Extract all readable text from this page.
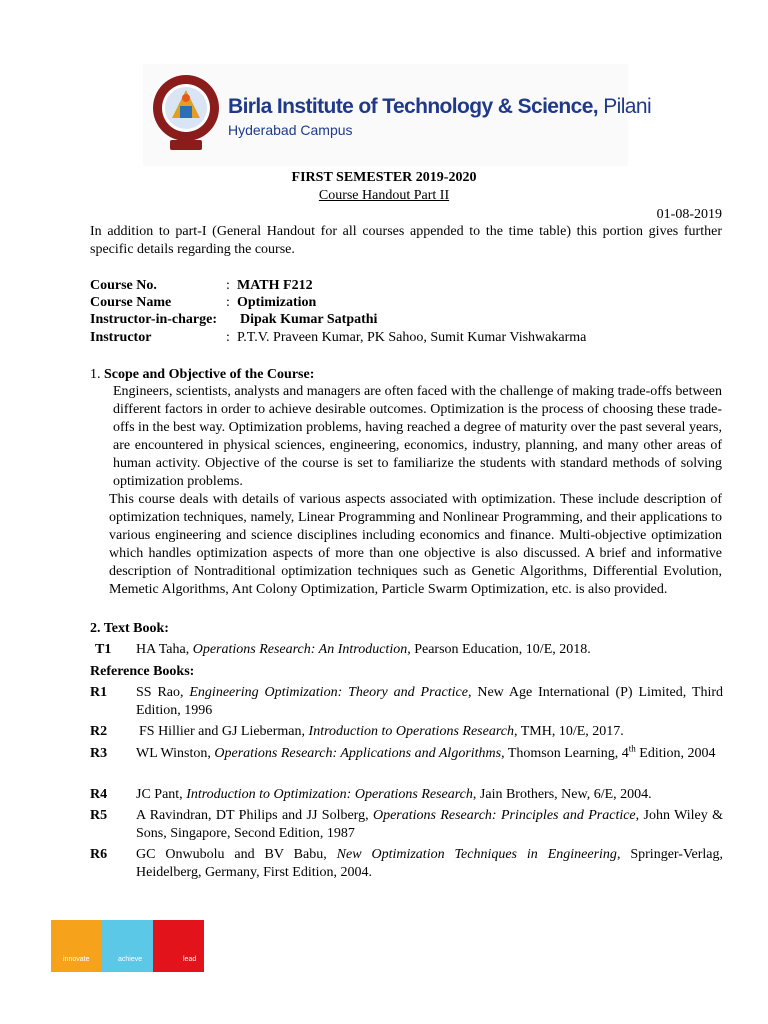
Birla Institute of Technology & Science, Pilani
Hyderabad Campus
FIRST SEMESTER 2019-2020
Course Handout Part II
01-08-2019
In addition to part-I (General Handout for all courses appended to the time table) this portion gives further specific details regarding the course.
Course No.	: MATH F212
Course Name	: Optimization
Instructor-in-charge: Dipak Kumar Satpathi
Instructor	: P.T.V. Praveen Kumar, PK Sahoo, Sumit Kumar Vishwakarma
1. Scope and Objective of the Course:
Engineers, scientists, analysts and managers are often faced with the challenge of making trade-offs between different factors in order to achieve desirable outcomes. Optimization is the process of choosing these trade-offs in the best way. Optimization problems, having reached a degree of maturity over the past several years, are encountered in physical sciences, engineering, economics, industry, planning, and many other areas of human activity. Objective of the course is set to familiarize the students with standard methods of solving optimization problems.
This course deals with details of various aspects associated with optimization. These include description of optimization techniques, namely, Linear Programming and Nonlinear Programming, and their applications to various engineering and science disciplines including economics and finance. Multi-objective optimization which handles optimization aspects of more than one objective is also discussed. A brief and informative description of Nontraditional optimization techniques such as Genetic Algorithms, Differential Evolution, Memetic Algorithms, Ant Colony Optimization, Particle Swarm Optimization, etc. is also provided.
2. Text Book:
T1 HA Taha, Operations Research: An Introduction, Pearson Education, 10/E, 2018.
Reference Books:
R1 SS Rao, Engineering Optimization: Theory and Practice, New Age International (P) Limited, Third Edition, 1996
R2 FS Hillier and GJ Lieberman, Introduction to Operations Research, TMH, 10/E, 2017.
R3 WL Winston, Operations Research: Applications and Algorithms, Thomson Learning, 4th Edition, 2004
R4 JC Pant, Introduction to Optimization: Operations Research, Jain Brothers, New, 6/E, 2004.
R5 A Ravindran, DT Philips and JJ Solberg, Operations Research: Principles and Practice, John Wiley & Sons, Singapore, Second Edition, 1987
R6 GC Onwubolu and BV Babu, New Optimization Techniques in Engineering, Springer-Verlag, Heidelberg, Germany, First Edition, 2004.
innovate	achieve	lead
